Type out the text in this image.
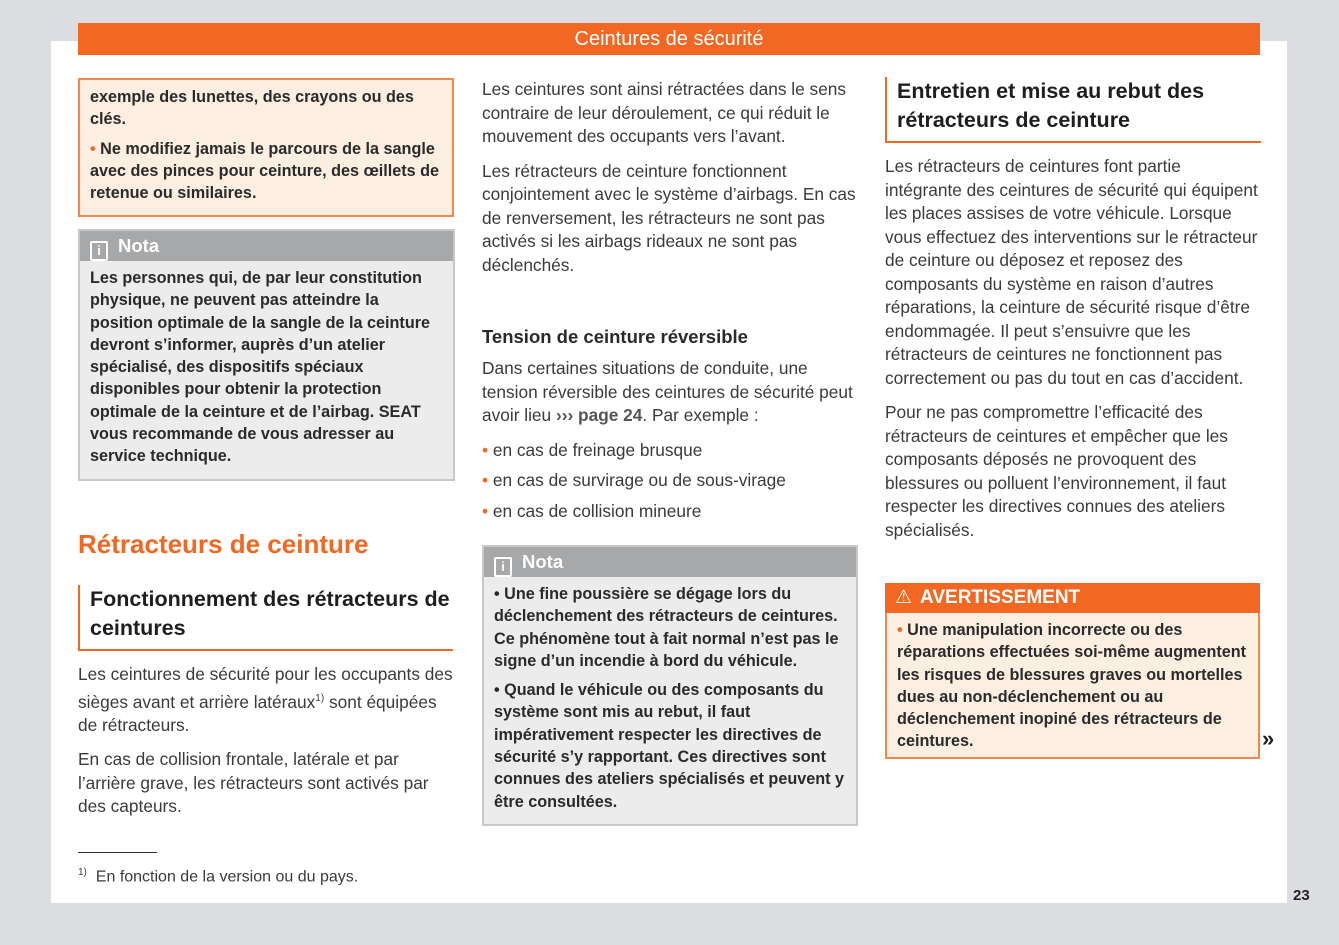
Ceintures de sécurité

exemple des lunettes, des crayons ou des clés.

• Ne modifiez jamais le parcours de la sangle avec des pinces pour ceinture, des œillets de retenue ou similaires.

i Nota

Les personnes qui, de par leur constitution physique, ne peuvent pas atteindre la position optimale de la sangle de la ceinture devront s’informer, auprès d’un atelier spécialisé, des dispositifs spéciaux disponibles pour obtenir la protection optimale de la ceinture et de l’airbag. SEAT vous recommande de vous adresser au service technique.

Rétracteurs de ceinture
Fonctionnement des rétracteurs de ceintures

Les ceintures de sécurité pour les occupants des sièges avant et arrière latéraux$^{1)}$ sont équipées de rétracteurs.

En cas de collision frontale, latérale et par l’arrière grave, les rétracteurs sont activés par des capteurs.

$^{1)}$ En fonction de la version ou du pays.

Les ceintures sont ainsi rétractées dans le sens contraire de leur déroulement, ce qui réduit le mouvement des occupants vers l’avant.

Les rétracteurs de ceinture fonctionnent conjointement avec le système d’airbags. En cas de renversement, les rétracteurs ne sont pas activés si les airbags rideaux ne sont pas déclenchés.

Tension de ceinture réversible

Dans certaines situations de conduite, une tension réversible des ceintures de sécurité peut avoir lieu ››› page 24. Par exemple :

• en cas de freinage brusque
• en cas de survirage ou de sous-virage
• en cas de collision mineure
i Nota

• Une fine poussière se dégage lors du déclenchement des rétracteurs de ceintures. Ce phénomène tout à fait normal n’est pas le signe d’un incendie à bord du véhicule.

• Quand le véhicule ou des composants du système sont mis au rebut, il faut impérativement respecter les directives de sécurité s’y rapportant. Ces directives sont connues des ateliers spécialisés et peuvent y être consultées.

Entretien et mise au rebut des rétracteurs de ceinture

Les rétracteurs de ceintures font partie intégrante des ceintures de sécurité qui équipent les places assises de votre véhicule. Lorsque vous effectuez des interventions sur le rétracteur de ceinture ou déposez et reposez des composants du système en raison d’autres réparations, la ceinture de sécurité risque d’être endommagée. Il peut s’ensuivre que les rétracteurs de ceintures ne fonctionnent pas correctement ou pas du tout en cas d’accident.

Pour ne pas compromettre l’efficacité des rétracteurs de ceintures et empêcher que les composants déposés ne provoquent des blessures ou polluent l’environnement, il faut respecter les directives connues des ateliers spécialisés.

⚠ AVERTISSEMENT

• Une manipulation incorrecte ou des réparations effectuées soi-même augmentent les risques de blessures graves ou mortelles dues au non-déclenchement ou au déclenchement inopiné des rétracteurs de ceintures.	»
23
